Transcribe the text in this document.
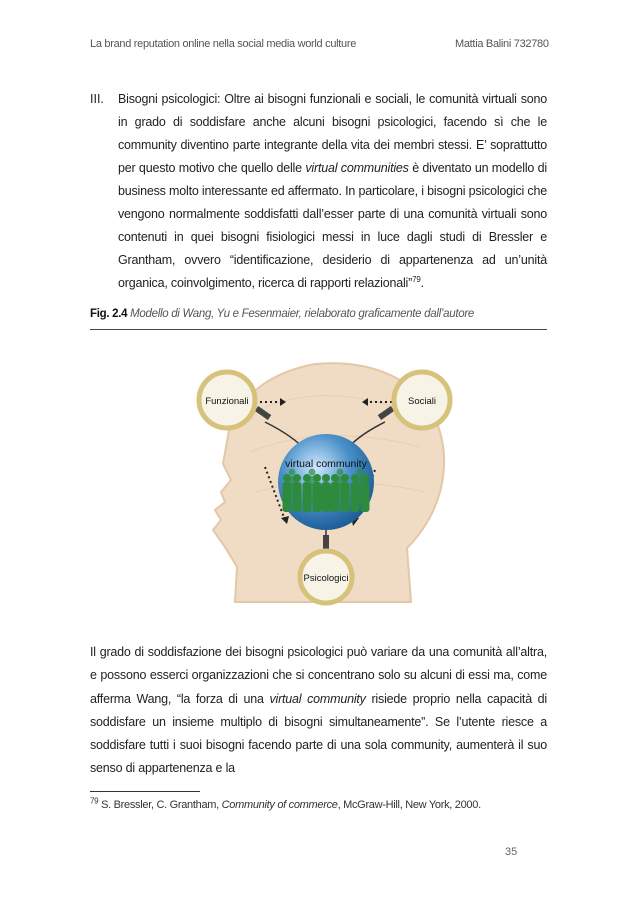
La brand reputation online nella social media world culture	Mattia Balini 732780
III. Bisogni psicologici: Oltre ai bisogni funzionali e sociali, le comunità virtuali sono in grado di soddisfare anche alcuni bisogni psicologici, facendo sì che le community diventino parte integrante della vita dei membri stessi. E’ soprattutto per questo motivo che quello delle virtual communities è diventato un modello di business molto interessante ed affermato. In particolare, i bisogni psicologici che vengono normalmente soddisfatti dall’esser parte di una comunità virtuali sono contenuti in quei bisogni fisiologici messi in luce dagli studi di Bressler e Grantham, ovvero “identificazione, desiderio di appartenenza ad un’unità organica, coinvolgimento, ricerca di rapporti relazionali”$^{79}$.
Fig. 2.4 Modello di Wang, Yu e Fesenmaier, rielaborato graficamente dall’autore
virtual community
Funzionali	Sociali
Psicologici
Il grado di soddisfazione dei bisogni psicologici può variare da una comunità all’altra, e possono esserci organizzazioni che si concentrano solo su alcuni di essi ma, come afferma Wang, “la forza di una virtual community risiede proprio nella capacità di soddisfare un insieme multiplo di bisogni simultaneamente”. Se l’utente riesce a soddisfare tutti i suoi bisogni facendo parte di una sola community, aumenterà il suo senso di appartenenza e la
$^{79}$ S. Bressler, C. Grantham, Community of commerce, McGraw-Hill, New York, 2000.
35
